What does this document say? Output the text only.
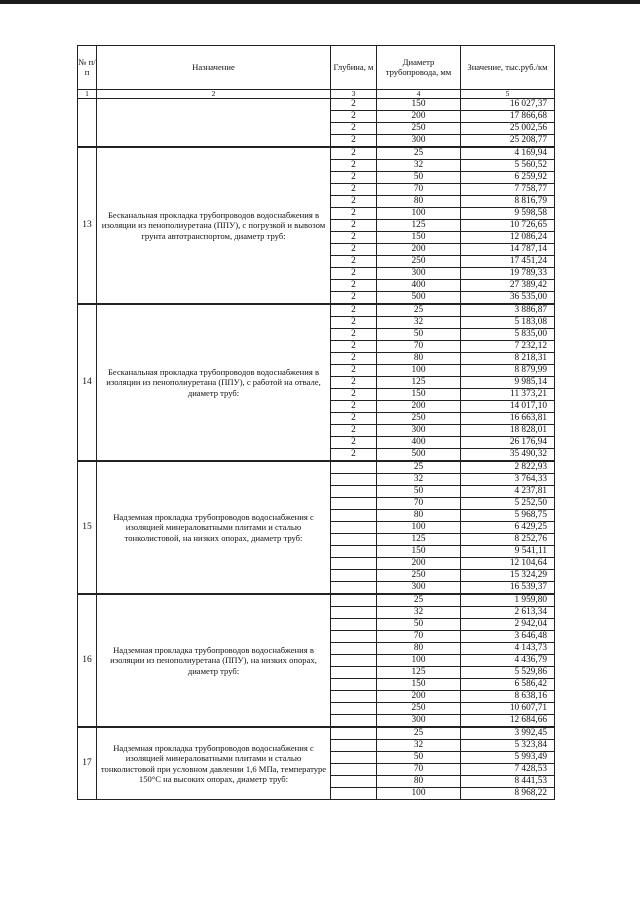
№ п/п	Назначение	Глубина, м	Диаметр трубопровода, мм	Значение, тыс.руб./км
1	2	3	4	5
		2	150	16 027,37
		2	200	17 866,68
		2	250	25 002,56
		2	300	25 208,77
13	Бесканальная прокладка трубопроводов водоснабжения в изоляции из пенополиуретана (ППУ), с погрузкой и вывозом грунта автотранспортом, диаметр труб:	2	25	4 169,94
		2	32	5 560,52
		2	50	6 259,92
		2	70	7 758,77
		2	80	8 816,79
		2	100	9 598,58
		2	125	10 726,65
		2	150	12 086,24
		2	200	14 787,14
		2	250	17 451,24
		2	300	19 789,33
		2	400	27 389,42
		2	500	36 535,00
14	Бесканальная прокладка трубопроводов водоснабжения в изоляции из пенополиуретана (ППУ), с работой на отвале, диаметр труб:	2	25	3 886,87
		2	32	5 183,08
		2	50	5 835,00
		2	70	7 232,12
		2	80	8 218,31
		2	100	8 879,99
		2	125	9 985,14
		2	150	11 373,21
		2	200	14 017,10
		2	250	16 663,81
		2	300	18 828,01
		2	400	26 176,94
		2	500	35 490,32
15	Надземная прокладка трубопроводов водоснабжения с изоляцией минераловатными плитами и сталью тонколистовой, на низких опорах, диаметр труб:		25	2 822,93
			32	3 764,33
			50	4 237,81
			70	5 252,50
			80	5 968,75
			100	6 429,25
			125	8 252,76
			150	9 541,11
			200	12 104,64
			250	15 324,29
			300	16 539,37
16	Надземная прокладка трубопроводов водоснабжения в изоляции из пенополиуретана (ППУ), на низких опорах, диаметр труб:		25	1 959,80
			32	2 613,34
			50	2 942,04
			70	3 646,48
			80	4 143,73
			100	4 436,79
			125	5 529,86
			150	6 586,42
			200	8 638,16
			250	10 607,71
			300	12 684,66
17	Надземная прокладка трубопроводов водоснабжения с изоляцией минераловатными плитами и сталью тонколистовой при условном давлении 1,6 МПа, температуре 150°С на высоких опорах, диаметр труб:		25	3 992,45
			32	5 323,84
			50	5 993,49
			70	7 428,53
			80	8 441,53
			100	8 968,22
